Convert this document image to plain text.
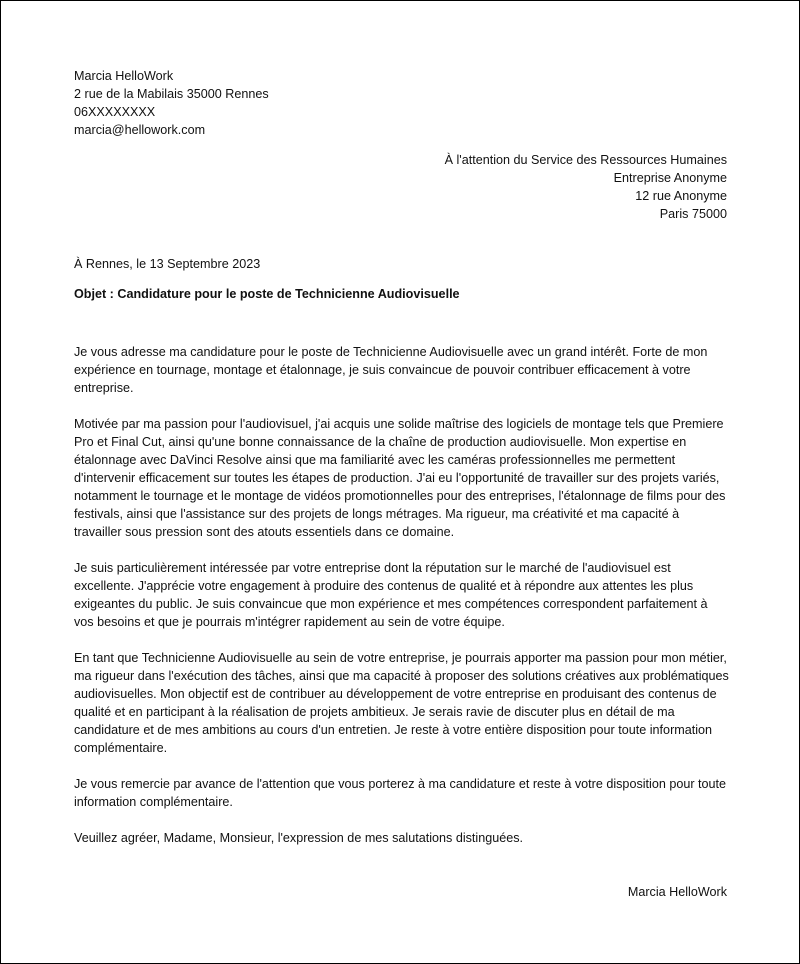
Marcia HelloWork
2 rue de la Mabilais 35000 Rennes
06XXXXXXXX
marcia@hellowork.com
À l'attention du Service des Ressources Humaines
Entreprise Anonyme
12 rue Anonyme
Paris 75000
À Rennes, le 13 Septembre 2023
Objet : Candidature pour le poste de Technicienne Audiovisuelle

Je vous adresse ma candidature pour le poste de Technicienne Audiovisuelle avec un grand intérêt. Forte de mon expérience en tournage, montage et étalonnage, je suis convaincue de pouvoir contribuer efficacement à votre entreprise.

Motivée par ma passion pour l'audiovisuel, j'ai acquis une solide maîtrise des logiciels de montage tels que Premiere Pro et Final Cut, ainsi qu'une bonne connaissance de la chaîne de production audiovisuelle. Mon expertise en étalonnage avec DaVinci Resolve ainsi que ma familiarité avec les caméras professionnelles me permettent d'intervenir efficacement sur toutes les étapes de production. J'ai eu l'opportunité de travailler sur des projets variés, notamment le tournage et le montage de vidéos promotionnelles pour des entreprises, l'étalonnage de films pour des festivals, ainsi que l'assistance sur des projets de longs métrages. Ma rigueur, ma créativité et ma capacité à travailler sous pression sont des atouts essentiels dans ce domaine.

Je suis particulièrement intéressée par votre entreprise dont la réputation sur le marché de l'audiovisuel est excellente. J'apprécie votre engagement à produire des contenus de qualité et à répondre aux attentes les plus exigeantes du public. Je suis convaincue que mon expérience et mes compétences correspondent parfaitement à vos besoins et que je pourrais m'intégrer rapidement au sein de votre équipe.

En tant que Technicienne Audiovisuelle au sein de votre entreprise, je pourrais apporter ma passion pour mon métier, ma rigueur dans l'exécution des tâches, ainsi que ma capacité à proposer des solutions créatives aux problématiques audiovisuelles. Mon objectif est de contribuer au développement de votre entreprise en produisant des contenus de qualité et en participant à la réalisation de projets ambitieux. Je serais ravie de discuter plus en détail de ma candidature et de mes ambitions au cours d'un entretien. Je reste à votre entière disposition pour toute information complémentaire.

Je vous remercie par avance de l'attention que vous porterez à ma candidature et reste à votre disposition pour toute information complémentaire.

Veuillez agréer, Madame, Monsieur, l'expression de mes salutations distinguées.

Marcia HelloWork
